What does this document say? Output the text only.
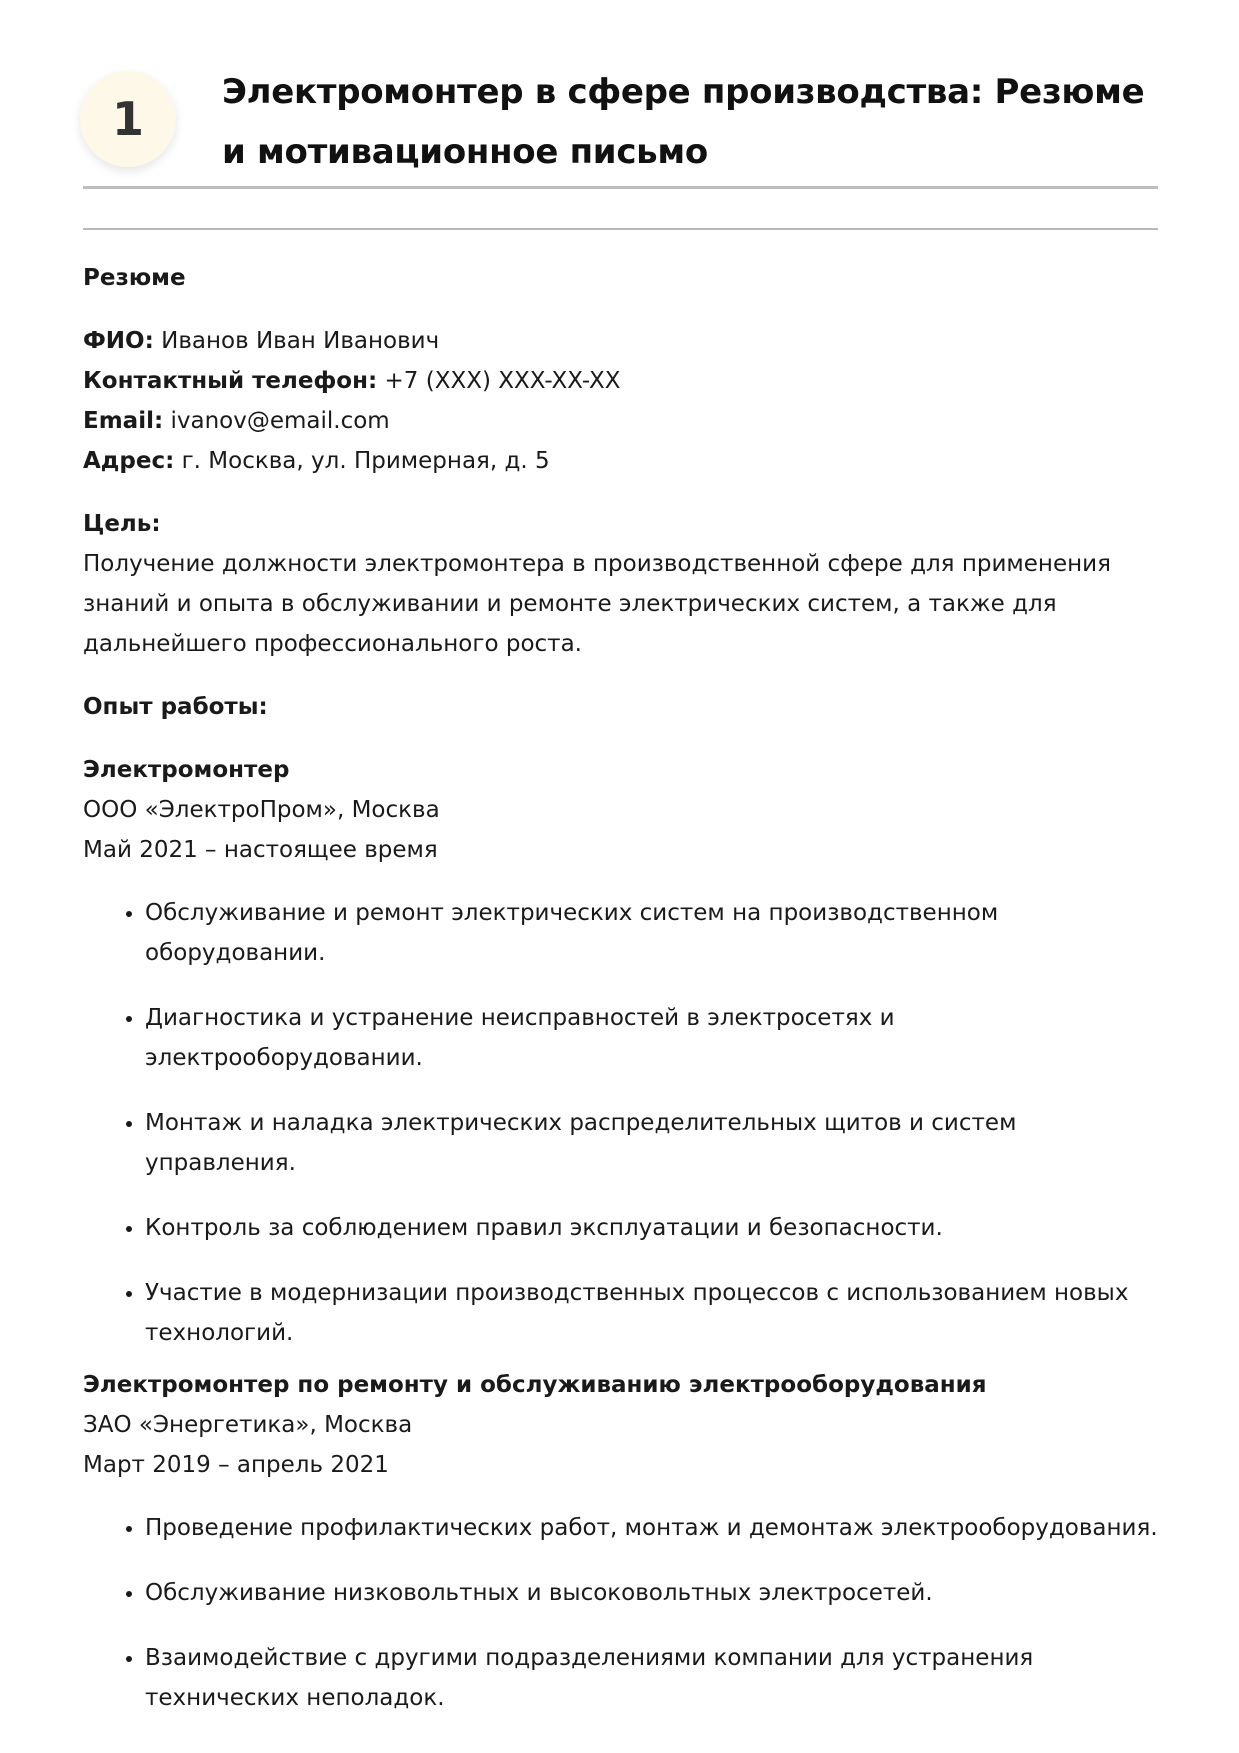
1	Электромонтер в сфере производства: Резюме и мотивационное письмо

Резюме

ФИО: Иванов Иван Иванович

Контактный телефон: +7 (XXX) XXX-XX-XX

Email: ivanov@email.com

Адрес: г. Москва, ул. Примерная, д. 5

Цель:

Получение должности электромонтера в производственной сфере для применения знаний и опыта в обслуживании и ремонте электрических систем, а также для дальнейшего профессионального роста.

Опыт работы:

Электромонтер

ООО «ЭлектроПром», Москва

Май 2021 – настоящее время

• Обслуживание и ремонт электрических систем на производственном оборудовании.
• Диагностика и устранение неисправностей в электросетях и электрооборудовании.
• Монтаж и наладка электрических распределительных щитов и систем управления.
• Контроль за соблюдением правил эксплуатации и безопасности.
• Участие в модернизации производственных процессов с использованием новых технологий.

Электромонтер по ремонту и обслуживанию электрооборудования

ЗАО «Энергетика», Москва

Март 2019 – апрель 2021

• Проведение профилактических работ, монтаж и демонтаж электрооборудования.
• Обслуживание низковольтных и высоковольтных электросетей.
• Взаимодействие с другими подразделениями компании для устранения технических неполадок.
